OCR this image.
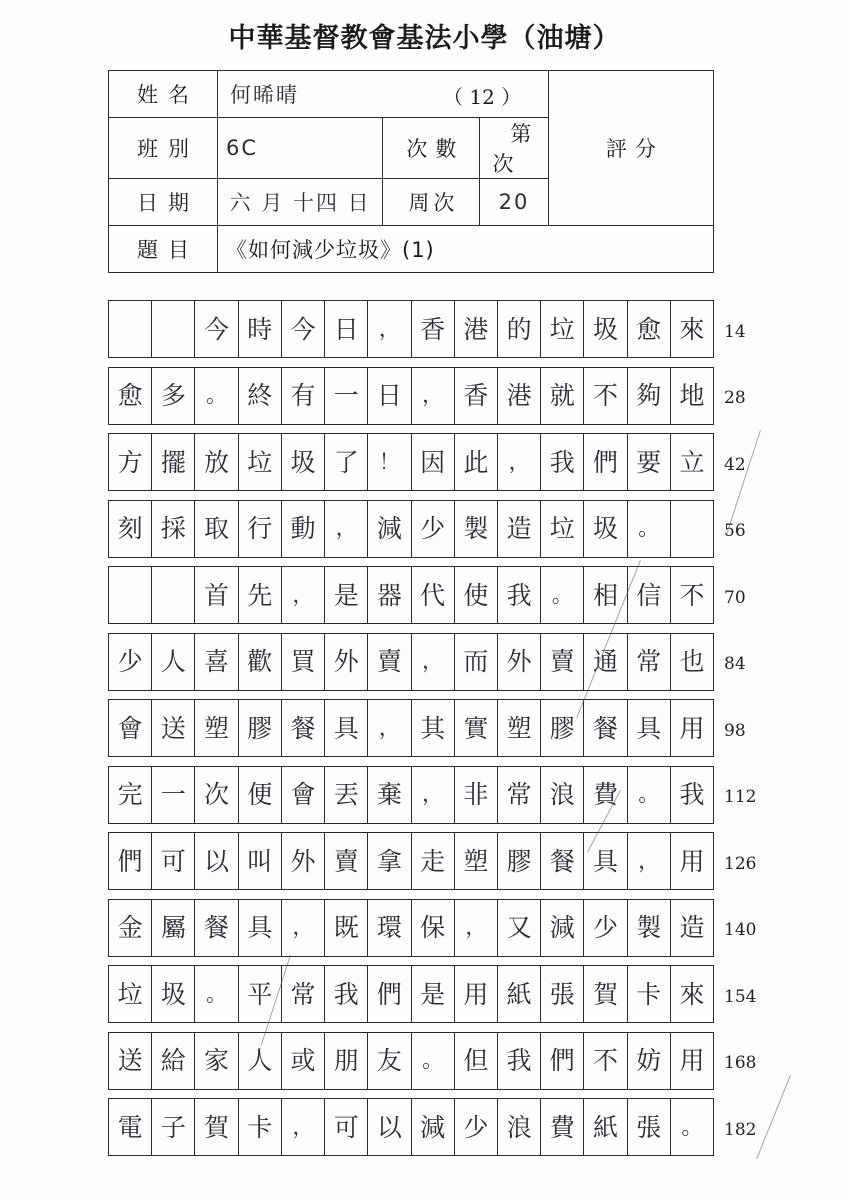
中華基督教會基法小學（油塘）
姓名	何晞晴	（ 12 ）
	評分
班別	6C		次數	第　　次

日期	六 月 十四 日	周次	20

題目	《如何減少垃圾》(1)
今 時 今 日 ， 香 港 的 垃 圾 愈 來	14
愈 多 。 終 有 一 日 ， 香 港 就 不 夠 地	28
方 擺 放 垃 圾 了 ！ 因 此 ， 我 們 要 立	42
刻 採 取 行 動 ， 減 少 製 造 垃 圾 。	56
首 先 ， 是 器 代 使 我 。 相 信 不	70
少 人 喜 歡 買 外 賣 ， 而 外 賣 通 常 也	84
會 送 塑 膠 餐 具 ， 其 實 塑 膠 餐 具 用	98
完 一 次 便 會 丟 棄 ， 非 常 浪 費 。 我	112
們 可 以 叫 外 賣 拿 走 塑 膠 餐 具 ， 用	126
金 屬 餐 具 ， 既 環 保 ， 又 減 少 製 造	140
垃 圾 。 平 常 我 們 是 用 紙 張 賀 卡 來	154
送 給 家 人 或 朋 友 。 但 我 們 不 妨 用	168
電 子 賀 卡 ， 可 以 減 少 浪 費 紙 張 。	182
